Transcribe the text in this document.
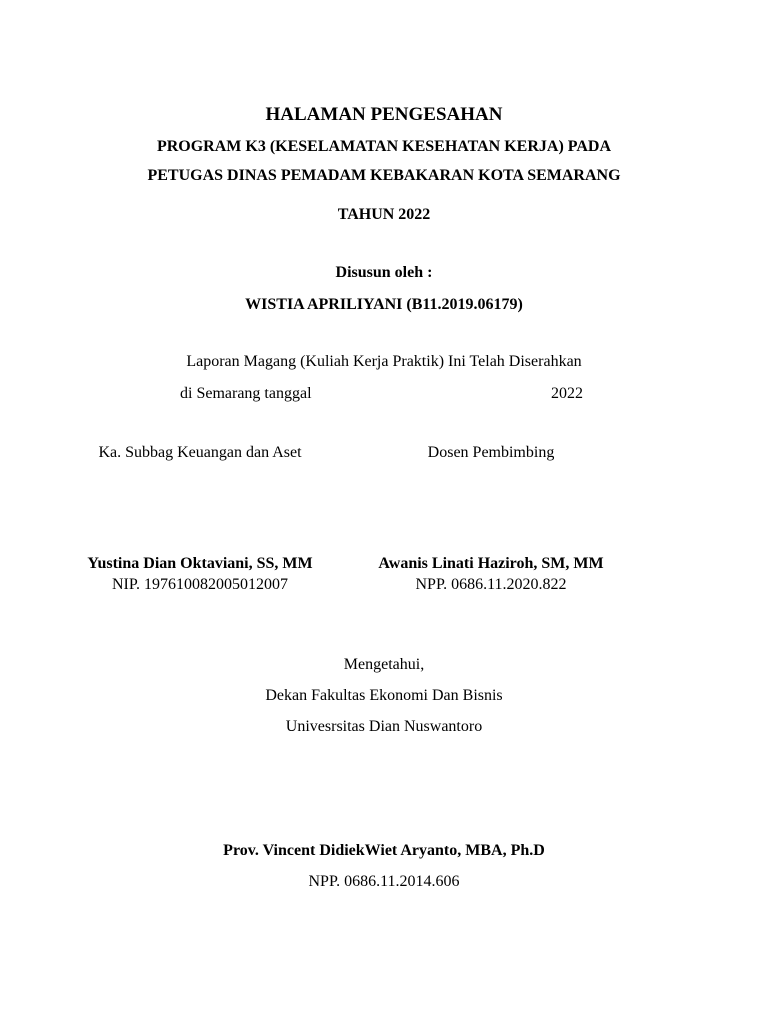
HALAMAN PENGESAHAN
PROGRAM K3 (KESELAMATAN KESEHATAN KERJA) PADA
PETUGAS DINAS PEMADAM KEBAKARAN KOTA SEMARANG
TAHUN 2022
Disusun oleh :
WISTIA APRILIYANI (B11.2019.06179)
Laporan Magang (Kuliah Kerja Praktik) Ini Telah Diserahkan
di Semarang tanggal	2022
Ka. Subbag Keuangan dan Aset	Dosen Pembimbing
Yustina Dian Oktaviani, SS, MM	Awanis Linati Haziroh, SM, MM
NIP. 197610082005012007	NPP. 0686.11.2020.822
Mengetahui,
Dekan Fakultas Ekonomi Dan Bisnis
Univesrsitas Dian Nuswantoro
Prov. Vincent DidiekWiet Aryanto, MBA, Ph.D
NPP. 0686.11.2014.606
